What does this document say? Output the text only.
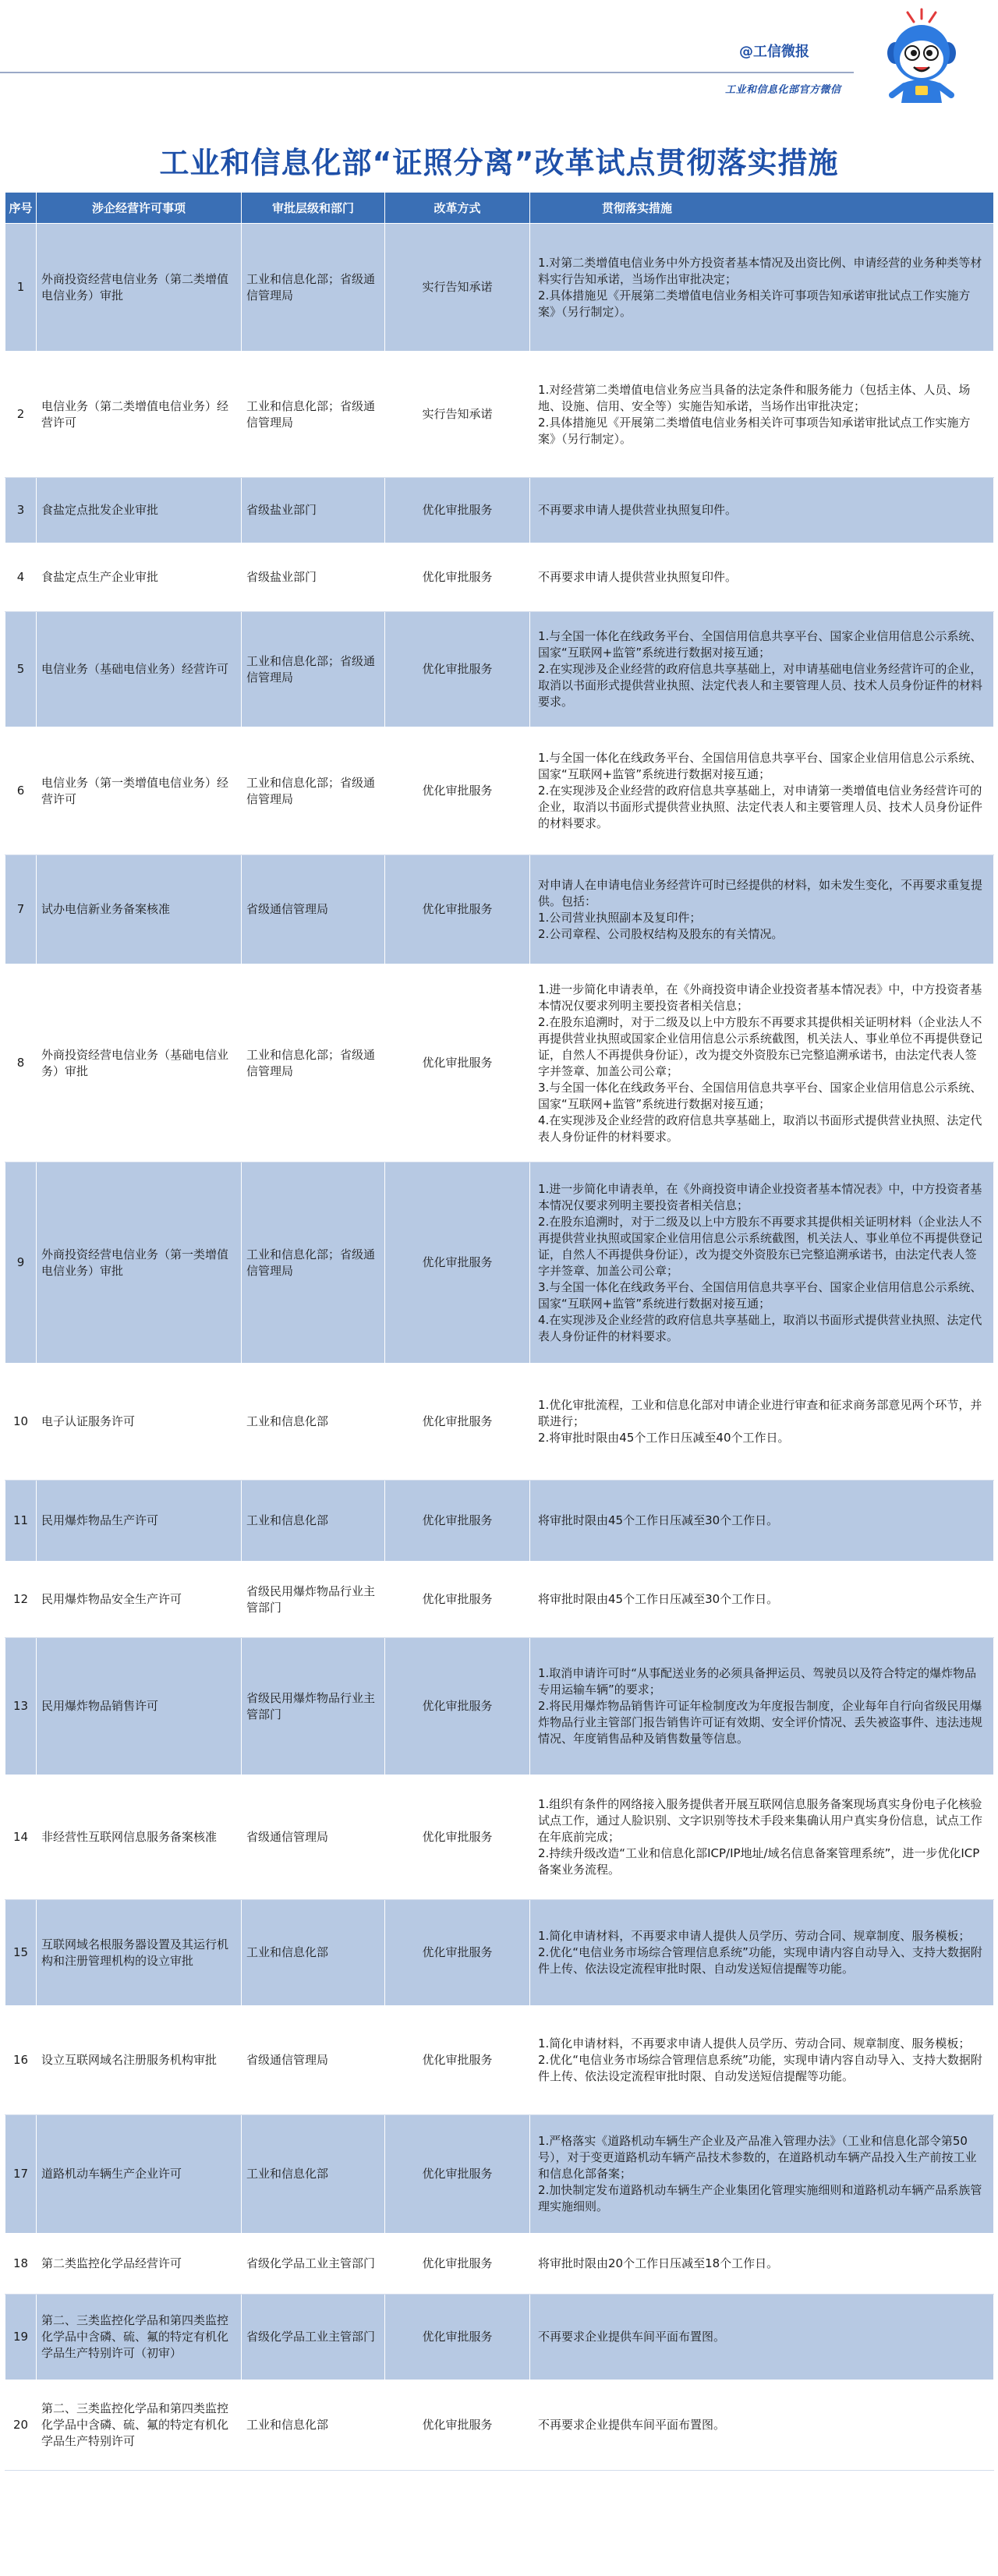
@工信微报
工业和信息化部官方微信
工业和信息化部“证照分离”改革试点贯彻落实措施
序号	涉企经营许可事项	审批层级和部门	改革方式	贯彻落实措施
1	外商投资经营电信业务（第二类增值电信业务）审批	工业和信息化部；省级通信管理局	实行告知承诺	1.对第二类增值电信业务中外方投资者基本情况及出资比例、申请经营的业务种类等材料实行告知承诺，当场作出审批决定；
2.具体措施见《开展第二类增值电信业务相关许可事项告知承诺审批试点工作实施方案》（另行制定）。

2	电信业务（第二类增值电信业务）经营许可	工业和信息化部；省级通信管理局	实行告知承诺	1.对经营第二类增值电信业务应当具备的法定条件和服务能力（包括主体、人员、场地、设施、信用、安全等）实施告知承诺，当场作出审批决定；
2.具体措施见《开展第二类增值电信业务相关许可事项告知承诺审批试点工作实施方案》（另行制定）。

3	食盐定点批发企业审批	省级盐业部门	优化审批服务	不再要求申请人提供营业执照复印件。

4	食盐定点生产企业审批	省级盐业部门	优化审批服务	不再要求申请人提供营业执照复印件。

5	电信业务（基础电信业务）经营许可	工业和信息化部；省级通信管理局	优化审批服务	1.与全国一体化在线政务平台、全国信用信息共享平台、国家企业信用信息公示系统、国家“互联网+监管”系统进行数据对接互通；
2.在实现涉及企业经营的政府信息共享基础上，对申请基础电信业务经营许可的企业，取消以书面形式提供营业执照、法定代表人和主要管理人员、技术人员身份证件的材料要求。

6	电信业务（第一类增值电信业务）经营许可	工业和信息化部；省级通信管理局	优化审批服务	1.与全国一体化在线政务平台、全国信用信息共享平台、国家企业信用信息公示系统、国家“互联网+监管”系统进行数据对接互通；
2.在实现涉及企业经营的政府信息共享基础上，对申请第一类增值电信业务经营许可的企业，取消以书面形式提供营业执照、法定代表人和主要管理人员、技术人员身份证件的材料要求。

7	试办电信新业务备案核准	省级通信管理局	优化审批服务	对申请人在申请电信业务经营许可时已经提供的材料，如未发生变化，不再要求重复提供。包括：
1.公司营业执照副本及复印件；
2.公司章程、公司股权结构及股东的有关情况。

8	外商投资经营电信业务（基础电信业务）审批	工业和信息化部；省级通信管理局	优化审批服务	1.进一步简化申请表单，在《外商投资申请企业投资者基本情况表》中，中方投资者基本情况仅要求列明主要投资者相关信息；
2.在股东追溯时，对于二级及以上中方股东不再要求其提供相关证明材料（企业法人不再提供营业执照或国家企业信用信息公示系统截图，机关法人、事业单位不再提供登记证，自然人不再提供身份证），改为提交外资股东已完整追溯承诺书，由法定代表人签字并签章、加盖公司公章；
3.与全国一体化在线政务平台、全国信用信息共享平台、国家企业信用信息公示系统、国家“互联网+监管”系统进行数据对接互通；
4.在实现涉及企业经营的政府信息共享基础上，取消以书面形式提供营业执照、法定代表人身份证件的材料要求。

9	外商投资经营电信业务（第一类增值电信业务）审批	工业和信息化部；省级通信管理局	优化审批服务	1.进一步简化申请表单，在《外商投资申请企业投资者基本情况表》中，中方投资者基本情况仅要求列明主要投资者相关信息；
2.在股东追溯时，对于二级及以上中方股东不再要求其提供相关证明材料（企业法人不再提供营业执照或国家企业信用信息公示系统截图，机关法人、事业单位不再提供登记证，自然人不再提供身份证），改为提交外资股东已完整追溯承诺书，由法定代表人签字并签章、加盖公司公章；
3.与全国一体化在线政务平台、全国信用信息共享平台、国家企业信用信息公示系统、国家“互联网+监管”系统进行数据对接互通；
4.在实现涉及企业经营的政府信息共享基础上，取消以书面形式提供营业执照、法定代表人身份证件的材料要求。

10	电子认证服务许可	工业和信息化部	优化审批服务	1.优化审批流程，工业和信息化部对申请企业进行审查和征求商务部意见两个环节，并联进行；
2.将审批时限由45个工作日压减至40个工作日。

11	民用爆炸物品生产许可	工业和信息化部	优化审批服务	将审批时限由45个工作日压减至30个工作日。

12	民用爆炸物品安全生产许可	省级民用爆炸物品行业主管部门	优化审批服务	将审批时限由45个工作日压减至30个工作日。

13	民用爆炸物品销售许可	省级民用爆炸物品行业主管部门	优化审批服务	1.取消申请许可时“从事配送业务的必须具备押运员、驾驶员以及符合特定的爆炸物品专用运输车辆”的要求；
2.将民用爆炸物品销售许可证年检制度改为年度报告制度，企业每年自行向省级民用爆炸物品行业主管部门报告销售许可证有效期、安全评价情况、丢失被盗事件、违法违规情况、年度销售品种及销售数量等信息。

14	非经营性互联网信息服务备案核准	省级通信管理局	优化审批服务	1.组织有条件的网络接入服务提供者开展互联网信息服务备案现场真实身份电子化核验试点工作，通过人脸识别、文字识别等技术手段来集确认用户真实身份信息，试点工作在年底前完成；
2.持续升级改造“工业和信息化部ICP/IP地址/域名信息备案管理系统”，进一步优化ICP备案业务流程。

15	互联网域名根服务器设置及其运行机构和注册管理机构的设立审批	工业和信息化部	优化审批服务	1.简化申请材料，不再要求申请人提供人员学历、劳动合同、规章制度、服务模板；
2.优化“电信业务市场综合管理信息系统”功能，实现申请内容自动导入、支持大数据附件上传、依法设定流程审批时限、自动发送短信提醒等功能。

16	设立互联网域名注册服务机构审批	省级通信管理局	优化审批服务	1.简化申请材料，不再要求申请人提供人员学历、劳动合同、规章制度、服务模板；
2.优化“电信业务市场综合管理信息系统”功能，实现申请内容自动导入、支持大数据附件上传、依法设定流程审批时限、自动发送短信提醒等功能。

17	道路机动车辆生产企业许可	工业和信息化部	优化审批服务	1.严格落实《道路机动车辆生产企业及产品准入管理办法》（工业和信息化部令第50号），对于变更道路机动车辆产品技术参数的，在道路机动车辆产品投入生产前按工业和信息化部备案；
2.加快制定发布道路机动车辆生产企业集团化管理实施细则和道路机动车辆产品系族管理实施细则。

18	第二类监控化学品经营许可	省级化学品工业主管部门	优化审批服务	将审批时限由20个工作日压减至18个工作日。

19	第二、三类监控化学品和第四类监控化学品中含磷、硫、氟的特定有机化学品生产特别许可（初审）	省级化学品工业主管部门	优化审批服务	不再要求企业提供车间平面布置图。

20	第二、三类监控化学品和第四类监控化学品中含磷、硫、氟的特定有机化学品生产特别许可	工业和信息化部	优化审批服务	不再要求企业提供车间平面布置图。
